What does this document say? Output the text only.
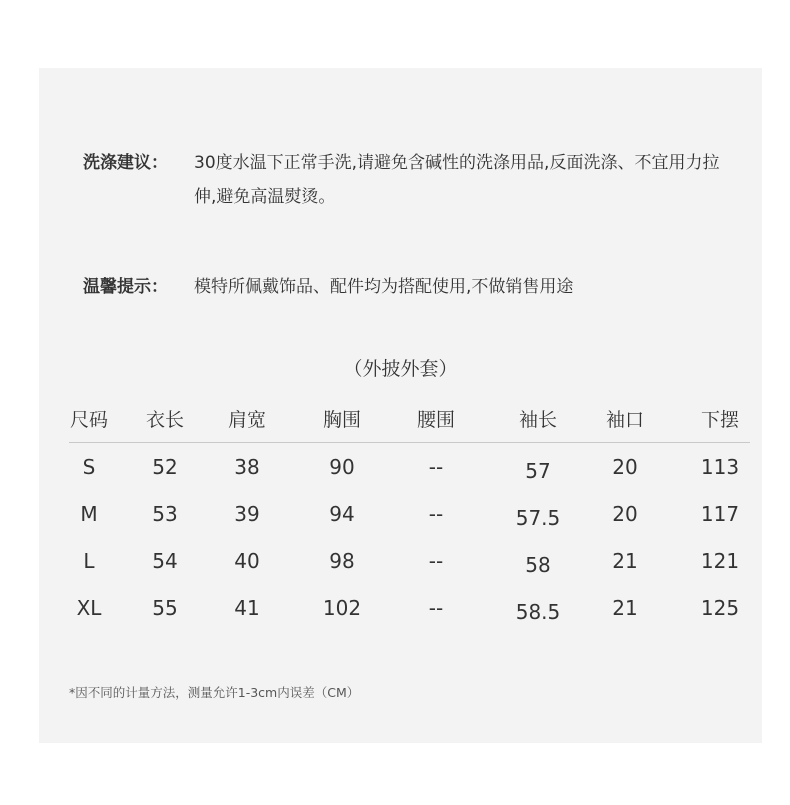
洗涤建议： 30度水温下正常手洗,请避免含碱性的洗涤用品,反面洗涤、不宜用力拉伸,避免高温熨烫。
温馨提示： 模特所佩戴饰品、配件均为搭配使用,不做销售用途
（外披外套）
尺码	衣长	肩宽	胸围	腰围	袖长	袖口	下摆
S	52	38	90	--	57	20	113
M	53	39	94	--	57.5	20	117
L	54	40	98	--	58	21	121
XL	55	41	102	--	58.5	21	125
*因不同的计量方法，测量允许1-3cm内误差（CM）
